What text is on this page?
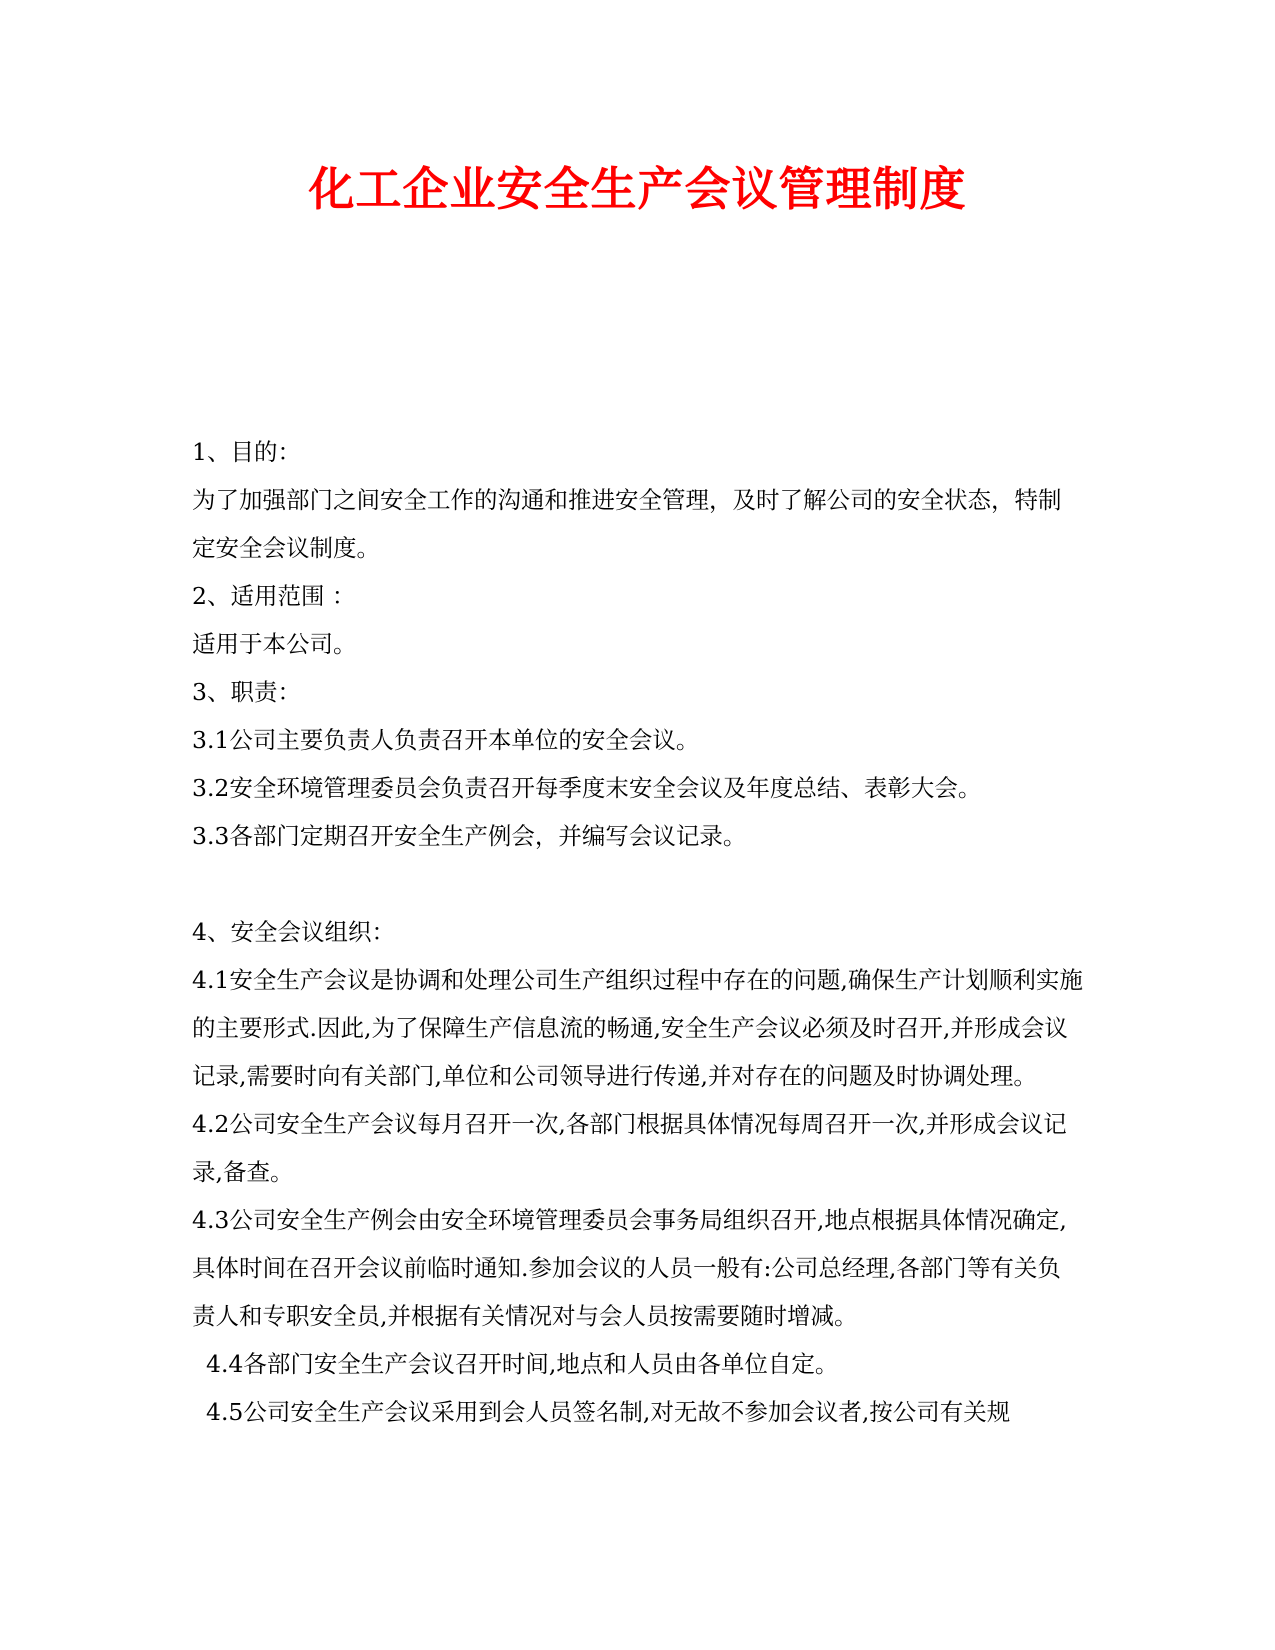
化工企业安全生产会议管理制度

1、目的：

为了加强部门之间安全工作的沟通和推进安全管理，及时了解公司的安全状态，特制定安全会议制度。

2、适用范围 ：

适用于本公司。

3、职责：

3.1公司主要负责人负责召开本单位的安全会议。

3.2安全环境管理委员会负责召开每季度末安全会议及年度总结、表彰大会。

3.3各部门定期召开安全生产例会，并编写会议记录。

4、安全会议组织：

4.1安全生产会议是协调和处理公司生产组织过程中存在的问题,确保生产计划顺利实施的主要形式.因此,为了保障生产信息流的畅通,安全生产会议必须及时召开,并形成会议记录,需要时向有关部门,单位和公司领导进行传递,并对存在的问题及时协调处理。

4.2公司安全生产会议每月召开一次,各部门根据具体情况每周召开一次,并形成会议记录,备查。

4.3公司安全生产例会由安全环境管理委员会事务局组织召开,地点根据具体情况确定,具体时间在召开会议前临时通知.参加会议的人员一般有:公司总经理,各部门等有关负责人和专职安全员,并根据有关情况对与会人员按需要随时增减。

4.4各部门安全生产会议召开时间,地点和人员由各单位自定。

4.5公司安全生产会议采用到会人员签名制,对无故不参加会议者,按公司有关规
